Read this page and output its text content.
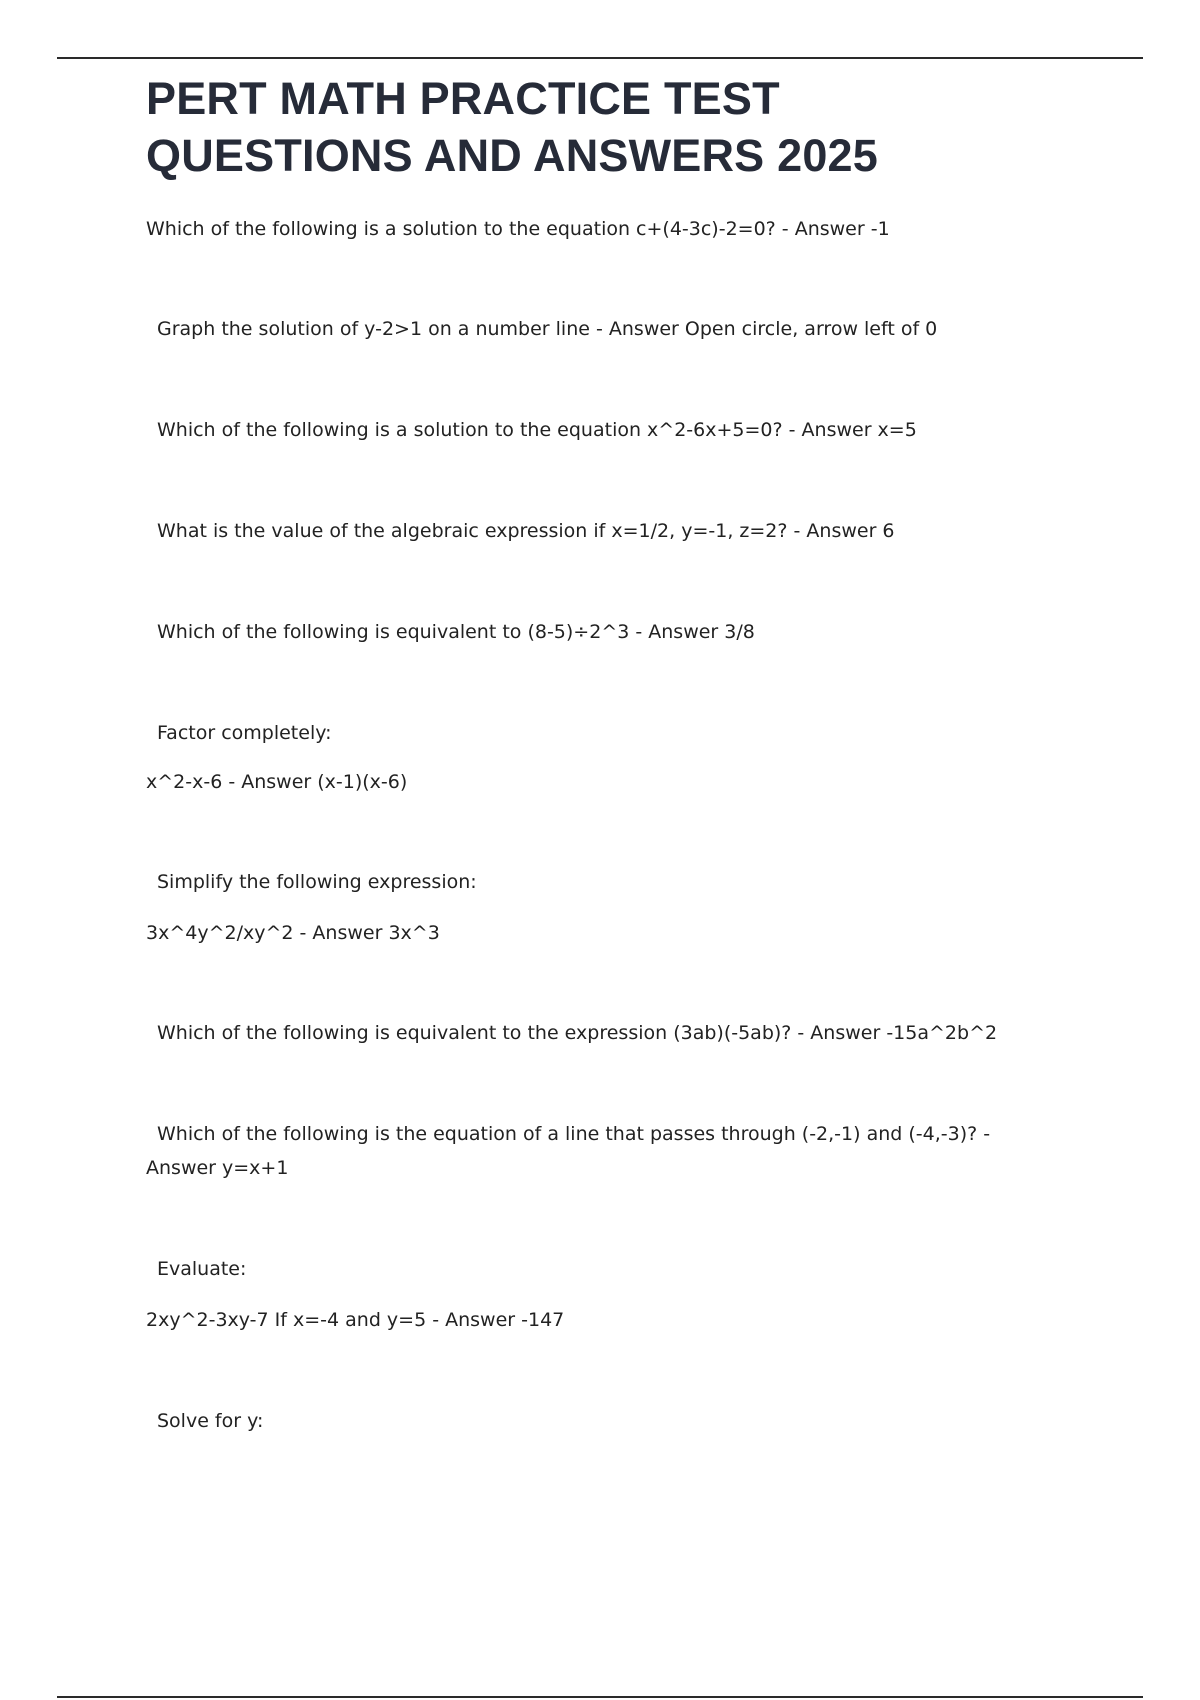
PERT MATH PRACTICE TEST
QUESTIONS AND ANSWERS 2025

Which of the following is a solution to the equation c+(4-3c)-2=0? - Answer -1

Graph the solution of y-2>1 on a number line - Answer Open circle, arrow left of 0

Which of the following is a solution to the equation x^2-6x+5=0? - Answer x=5

What is the value of the algebraic expression if x=1/2, y=-1, z=2? - Answer 6

Which of the following is equivalent to (8-5)÷2^3 - Answer 3/8

Factor completely:

x^2-x-6 - Answer (x-1)(x-6)

Simplify the following expression:

3x^4y^2/xy^2 - Answer 3x^3

Which of the following is equivalent to the expression (3ab)(-5ab)? - Answer -15a^2b^2

Which of the following is the equation of a line that passes through (-2,-1) and (-4,-3)? -

Answer y=x+1

Evaluate:

2xy^2-3xy-7 If x=-4 and y=5 - Answer -147

Solve for y:
